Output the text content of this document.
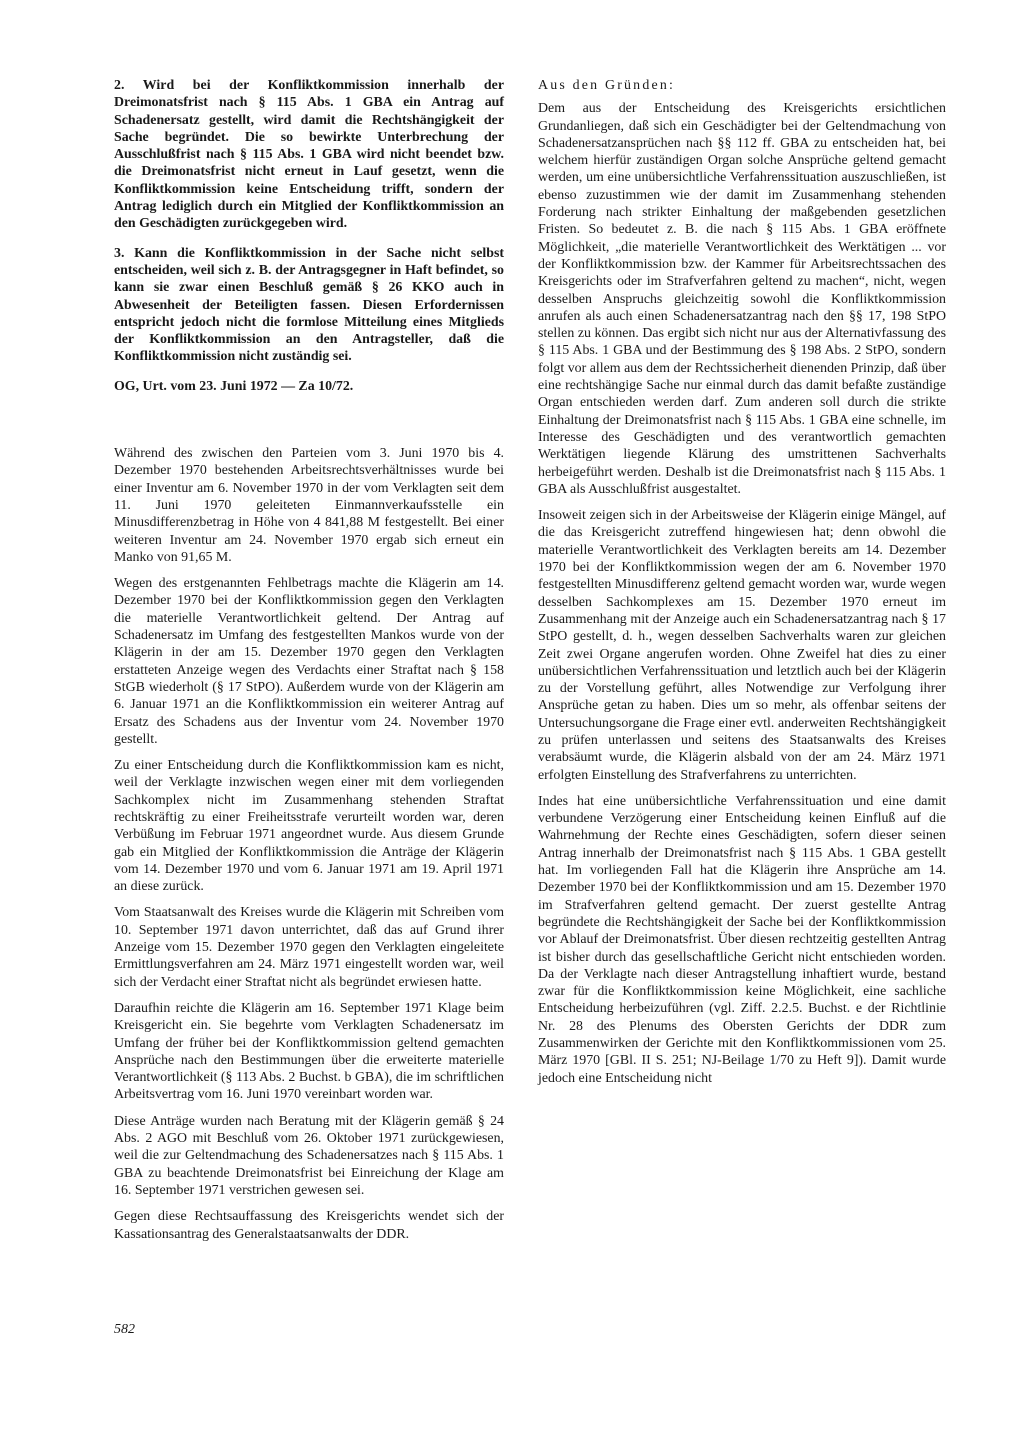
2. Wird bei der Konfliktkommission innerhalb der Dreimonatsfrist nach § 115 Abs. 1 GBA ein Antrag auf Schadenersatz gestellt, wird damit die Rechtshängigkeit der Sache begründet. Die so bewirkte Unterbrechung der Ausschlußfrist nach § 115 Abs. 1 GBA wird nicht beendet bzw. die Dreimonatsfrist nicht erneut in Lauf gesetzt, wenn die Konfliktkommission keine Entscheidung trifft, sondern der Antrag lediglich durch ein Mitglied der Konfliktkommission an den Geschädigten zurückgegeben wird.

3. Kann die Konfliktkommission in der Sache nicht selbst entscheiden, weil sich z. B. der Antragsgegner in Haft befindet, so kann sie zwar einen Beschluß gemäß § 26 KKO auch in Abwesenheit der Beteiligten fassen. Diesen Erfordernissen entspricht jedoch nicht die formlose Mitteilung eines Mitglieds der Konfliktkommission an den Antragsteller, daß die Konfliktkommission nicht zuständig sei.

OG, Urt. vom 23. Juni 1972 — Za 10/72.

Während des zwischen den Parteien vom 3. Juni 1970 bis 4. Dezember 1970 bestehenden Arbeitsrechtsverhältnisses wurde bei einer Inventur am 6. November 1970 in der vom Verklagten seit dem 11. Juni 1970 geleiteten Einmannverkaufsstelle ein Minusdifferenzbetrag in Höhe von 4 841,88 M festgestellt. Bei einer weiteren Inventur am 24. November 1970 ergab sich erneut ein Manko von 91,65 M.

Wegen des erstgenannten Fehlbetrags machte die Klägerin am 14. Dezember 1970 bei der Konfliktkommission gegen den Verklagten die materielle Verantwortlichkeit geltend. Der Antrag auf Schadenersatz im Umfang des festgestellten Mankos wurde von der Klägerin in der am 15. Dezember 1970 gegen den Verklagten erstatteten Anzeige wegen des Verdachts einer Straftat nach § 158 StGB wiederholt (§ 17 StPO). Außerdem wurde von der Klägerin am 6. Januar 1971 an die Konfliktkommission ein weiterer Antrag auf Ersatz des Schadens aus der Inventur vom 24. November 1970 gestellt.

Zu einer Entscheidung durch die Konfliktkommission kam es nicht, weil der Verklagte inzwischen wegen einer mit dem vorliegenden Sachkomplex nicht im Zusammenhang stehenden Straftat rechtskräftig zu einer Freiheitsstrafe verurteilt worden war, deren Verbüßung im Februar 1971 angeordnet wurde. Aus diesem Grunde gab ein Mitglied der Konfliktkommission die Anträge der Klägerin vom 14. Dezember 1970 und vom 6. Januar 1971 am 19. April 1971 an diese zurück.

Vom Staatsanwalt des Kreises wurde die Klägerin mit Schreiben vom 10. September 1971 davon unterrichtet, daß das auf Grund ihrer Anzeige vom 15. Dezember 1970 gegen den Verklagten eingeleitete Ermittlungsverfahren am 24. März 1971 eingestellt worden war, weil sich der Verdacht einer Straftat nicht als begründet erwiesen hatte.

Daraufhin reichte die Klägerin am 16. September 1971 Klage beim Kreisgericht ein. Sie begehrte vom Verklagten Schadenersatz im Umfang der früher bei der Konfliktkommission geltend gemachten Ansprüche nach den Bestimmungen über die erweiterte materielle Verantwortlichkeit (§ 113 Abs. 2 Buchst. b GBA), die im schriftlichen Arbeitsvertrag vom 16. Juni 1970 vereinbart worden war.

Diese Anträge wurden nach Beratung mit der Klägerin gemäß § 24 Abs. 2 AGO mit Beschluß vom 26. Oktober 1971 zurückgewiesen, weil die zur Geltendmachung des Schadenersatzes nach § 115 Abs. 1 GBA zu beachtende Dreimonatsfrist bei Einreichung der Klage am 16. September 1971 verstrichen gewesen sei.

Gegen diese Rechtsauffassung des Kreisgerichts wendet sich der Kassationsantrag des Generalstaatsanwalts der DDR.

Aus den Gründen:

Dem aus der Entscheidung des Kreisgerichts ersichtlichen Grundanliegen, daß sich ein Geschädigter bei der Geltendmachung von Schadenersatzansprüchen nach §§ 112 ff. GBA zu entscheiden hat, bei welchem hierfür zuständigen Organ solche Ansprüche geltend gemacht werden, um eine unübersichtliche Verfahrenssituation auszuschließen, ist ebenso zuzustimmen wie der damit im Zusammenhang stehenden Forderung nach strikter Einhaltung der maßgebenden gesetzlichen Fristen. So bedeutet z. B. die nach § 115 Abs. 1 GBA eröffnete Möglichkeit, „die materielle Verantwortlichkeit des Werktätigen ... vor der Konfliktkommission bzw. der Kammer für Arbeitsrechtssachen des Kreisgerichts oder im Strafverfahren geltend zu machen“, nicht, wegen desselben Anspruchs gleichzeitig sowohl die Konfliktkommission anrufen als auch einen Schadenersatzantrag nach den §§ 17, 198 StPO stellen zu können. Das ergibt sich nicht nur aus der Alternativfassung des § 115 Abs. 1 GBA und der Bestimmung des § 198 Abs. 2 StPO, sondern folgt vor allem aus dem der Rechtssicherheit dienenden Prinzip, daß über eine rechtshängige Sache nur einmal durch das damit befaßte zuständige Organ entschieden werden darf. Zum anderen soll durch die strikte Einhaltung der Dreimonatsfrist nach § 115 Abs. 1 GBA eine schnelle, im Interesse des Geschädigten und des verantwortlich gemachten Werktätigen liegende Klärung des umstrittenen Sachverhalts herbeigeführt werden. Deshalb ist die Dreimonatsfrist nach § 115 Abs. 1 GBA als Ausschlußfrist ausgestaltet.

Insoweit zeigen sich in der Arbeitsweise der Klägerin einige Mängel, auf die das Kreisgericht zutreffend hingewiesen hat; denn obwohl die materielle Verantwortlichkeit des Verklagten bereits am 14. Dezember 1970 bei der Konfliktkommission wegen der am 6. November 1970 festgestellten Minusdifferenz geltend gemacht worden war, wurde wegen desselben Sachkomplexes am 15. Dezember 1970 erneut im Zusammenhang mit der Anzeige auch ein Schadenersatzantrag nach § 17 StPO gestellt, d. h., wegen desselben Sachverhalts waren zur gleichen Zeit zwei Organe angerufen worden. Ohne Zweifel hat dies zu einer unübersichtlichen Verfahrenssituation und letztlich auch bei der Klägerin zu der Vorstellung geführt, alles Notwendige zur Verfolgung ihrer Ansprüche getan zu haben. Dies um so mehr, als offenbar seitens der Untersuchungsorgane die Frage einer evtl. anderweiten Rechtshängigkeit zu prüfen unterlassen und seitens des Staatsanwalts des Kreises verabsäumt wurde, die Klägerin alsbald von der am 24. März 1971 erfolgten Einstellung des Strafverfahrens zu unterrichten.

Indes hat eine unübersichtliche Verfahrenssituation und eine damit verbundene Verzögerung einer Entscheidung keinen Einfluß auf die Wahrnehmung der Rechte eines Geschädigten, sofern dieser seinen Antrag innerhalb der Dreimonatsfrist nach § 115 Abs. 1 GBA gestellt hat. Im vorliegenden Fall hat die Klägerin ihre Ansprüche am 14. Dezember 1970 bei der Konfliktkommission und am 15. Dezember 1970 im Strafverfahren geltend gemacht. Der zuerst gestellte Antrag begründete die Rechtshängigkeit der Sache bei der Konfliktkommission vor Ablauf der Dreimonatsfrist. Über diesen rechtzeitig gestellten Antrag ist bisher durch das gesellschaftliche Gericht nicht entschieden worden. Da der Verklagte nach dieser Antragstellung inhaftiert wurde, bestand zwar für die Konfliktkommission keine Möglichkeit, eine sachliche Entscheidung herbeizuführen (vgl. Ziff. 2.2.5. Buchst. e der Richtlinie Nr. 28 des Plenums des Obersten Gerichts der DDR zum Zusammenwirken der Gerichte mit den Konfliktkommissionen vom 25. März 1970 [GBl. II S. 251; NJ-Beilage 1/70 zu Heft 9]). Damit wurde jedoch eine Entscheidung nicht

582
